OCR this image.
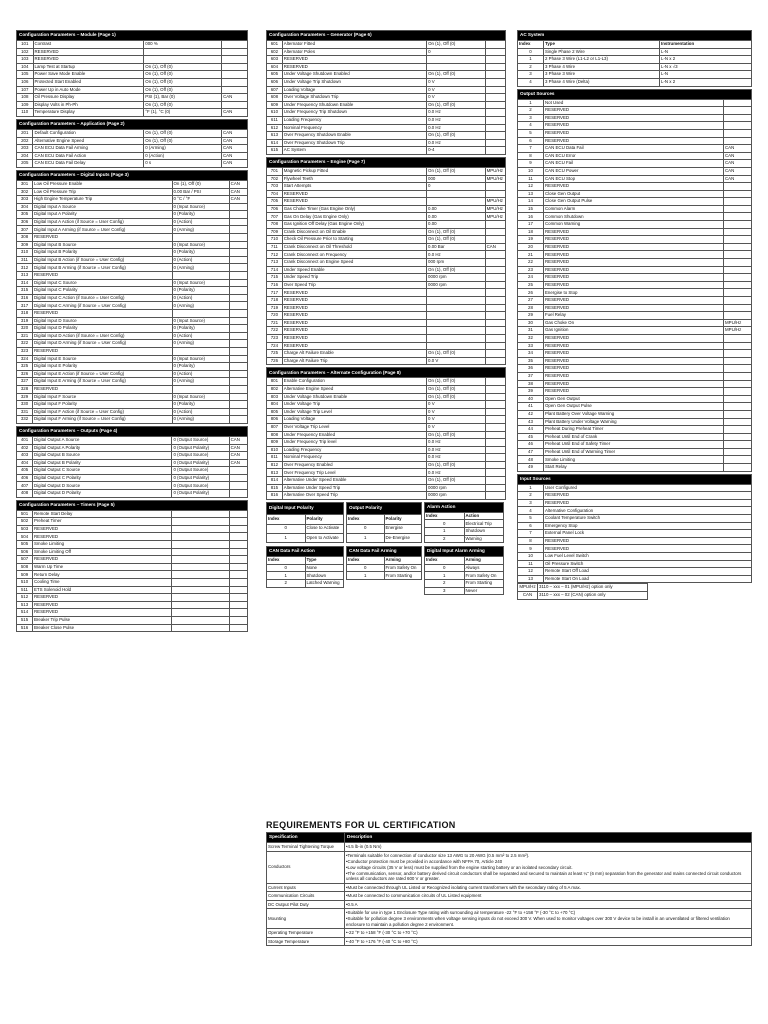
Configuration Parameters – Module (Page 1)			
101	Contrast	000 %	
102	RESERVED		
103	RESERVED		
104	Lamp Test at Startup	On (1), Off (0)	
105	Power Save Mode Enable	On (1), Off (0)	
106	Protected Start Enabled	On (1), Off (0)	
107	Power Up in Auto Mode	On (1), Off (0)	
108	Oil Pressure Display	PSI (1), Bar (0)	CAN
109	Display Volts in Ph-Ph	On (1), Off (0)	
110	Temperature Display	°F (1), °C (0)	CAN
Configuration Parameters – Application (Page 2)			
201	Default Configuration	On (1), Off (0)	CAN
202	Alternative Engine Speed	On (1), Off (0)	CAN
203	CAN ECU Data Fail Arming	0 (Arming)	CAN
204	CAN ECU Data Fail Action	0 (Action)	CAN
205	CAN ECU Data Fail Delay	0 s	CAN
Configuration Parameters – Digital Inputs (Page 3)			
301	Low Oil Pressure Enable	On (1), Off (0)	CAN
302	Low Oil Pressure Trip	0.00 Bar / PSI	CAN
303	High Engine Temperature Trip	0 °C / °F	CAN
304	Digital Input A Source	0 (Input Source)	
305	Digital Input A Polarity	0 (Polarity)	
306	Digital Input A Action (if Source = User Config)	0 (Action)	
307	Digital Input A Arming (if Source = User Config)	0 (Arming)	
308	RESERVED		
309	Digital Input B Source	0 (Input Source)	
310	Digital Input B Polarity	0 (Polarity)	
311	Digital Input B Action (if Source = User Config)	0 (Action)	
312	Digital Input B Arming (if Source = User Config)	0 (Arming)	
313	RESERVED		
314	Digital Input C Source	0 (Input Source)	
315	Digital Input C Polarity	0 (Polarity)	
316	Digital Input C Action (if Source = User Config)	0 (Action)	
317	Digital Input C Arming (if Source = User Config)	0 (Arming)	
318	RESERVED		
319	Digital Input D Source	0 (Input Source)	
320	Digital Input D Polarity	0 (Polarity)	
321	Digital Input D Action (if Source = User Config)	0 (Action)	
322	Digital Input D Arming (if Source = User Config)	0 (Arming)	
323	RESERVED		
324	Digital Input E Source	0 (Input Source)	
325	Digital Input E Polarity	0 (Polarity)	
326	Digital Input E Action (if Source = User Config)	0 (Action)	
327	Digital Input E Arming (if Source = User Config)	0 (Arming)	
328	RESERVED		
329	Digital Input F Source	0 (Input Source)	
330	Digital Input F Polarity	0 (Polarity)	
331	Digital Input F Action (if Source = User Config)	0 (Action)	
332	Digital Input F Arming (if Source = User Config)	0 (Arming)	
Configuration Parameters – Outputs (Page 4)			
401	Digital Output A Source	0 (Output Source)	CAN
402	Digital Output A Polarity	0 (Output Polarity)	CAN
403	Digital Output B Source	0 (Output Source)	CAN
404	Digital Output B Polarity	0 (Output Polarity)	CAN
405	Digital Output C Source	0 (Output Source)	
406	Digital Output C Polarity	0 (Output Polarity)	
407	Digital Output D Source	0 (Output Source)	
408	Digital Output D Polarity	0 (Output Polarity)	
Configuration Parameters – Timers (Page 5)			
501	Remote Start Delay		
502	Preheat Timer		
503	RESERVED		
504	RESERVED		
505	Smoke Limiting		
506	Smoke Limiting Off		
507	RESERVED		
508	Warm Up Time		
509	Return Delay		
510	Cooling Time		
511	ETS Solenoid Hold		
512	RESERVED		
513	RESERVED		
514	RESERVED		
515	Breaker Trip Pulse		
516	Breaker Close Pulse		
Configuration Parameters – Generator (Page 6)			
601	Alternator Fitted	On (1), Off (0)	
602	Alternator Poles	0	
603	RESERVED		
604	RESERVED		
605	Under Voltage Shutdown Enabled	On (1), Off (0)	
606	Under Voltage Trip Shutdown	0 V	
607	Loading Voltage	0 V	
608	Over Voltage Shutdown Trip	0 V	
609	Under Frequency Shutdown Enable	On (1), Off (0)	
610	Under Frequency Trip Shutdown	0.0 Hz	
611	Loading Frequency	0.0 Hz	
612	Nominal Frequency	0.0 Hz	
613	Over Frequency Shutdown Enable	On (1), Off (0)	
614	Over Frequency Shutdown Trip	0.0 Hz	
615	AC System	0-4	
Configuration Parameters – Engine (Page 7)			
701	Magnetic Pickup Fitted	On (1), Off (0)	MPU/Hz
702	Flywheel Teeth	000	MPU/Hz
703	Start Attempts	0	
704	RESERVED		
705	RESERVED		MPU/Hz
706	Gas Choke Timer (Gas Engine Only)	0.00	MPU/Hz
707	Gas On Delay (Gas Engine Only)	0.00	MPU/Hz
708	Gas Ignition Off Delay (Gas Engine Only)	0.00	
709	Crank Disconnect on Oil Enable	On (1), Off (0)	
710	Check Oil Pressure Prior to Starting	On (1), Off (0)	
711	Crank Disconnect on Oil Threshold	0.00 Bar	CAN
712	Crank Disconnect on Frequency	0.0 Hz	
713	Crank Disconnect on Engine Speed	000 rpm	
714	Under Speed Enable	On (1), Off (0)	
715	Under Speed Trip	0000 rpm	
716	Over Speed Trip	0000 rpm	
717	RESERVED		
718	RESERVED		
719	RESERVED		
720	RESERVED		
721	RESERVED		
722	RESERVED		
723	RESERVED		
724	RESERVED		
725	Charge Alt Failure Enable	On (1), Off (0)	
726	Charge Alt Failure Trip	0.0 V	
Configuration Parameters – Alternate Configuration (Page 8)			
801	Enable Configuration	On (1), Off (0)	
802	Alternative Engine Speed	On (1), Off (0)	
803	Under Voltage Shutdown Enable	On (1), Off (0)	
804	Under Voltage Trip	0 V	
805	Under Voltage Trip Level	0 V	
806	Loading Voltage	0 V	
807	Over Voltage Trip Level	0 V	
808	Under Frequency Enabled	On (1), Off (0)	
809	Under Frequency Trip level	0.0 Hz	
810	Loading Frequency	0.0 Hz	
811	Nominal Frequency	0.0 Hz	
812	Over Frequency Enabled	On (1), Off (0)	
813	Over Frequency Trip Level	0.0 Hz	
814	Alternative Under Speed Enable	On (1), Off (0)	
815	Alternative Under Speed Trip	0000 rpm	
816	Alternative Over Speed Trip	0000 rpm	
Digital Input Polarity	
Index	Polarity
0	Close to Activate
1	Open to Activate
Output Polarity	
Index	Polarity
0	Energise
1	De-Energise
Alarm Action	
Index	Action
0	Electrical Trip
1	Shutdown
2	Warning
CAN Data Fail Action	
Index	Type
0	None
1	Shutdown
2	Latched Warning
CAN Data Fail Arming	
Index	Arming
0	From Safety On
1	From Starting
Digital Input Alarm Arming	
Index	Arming
0	Always
1	From Safety On
2	From Starting
3	Never
AC System		
Index	Type	Instrumentation
0	Single Phase 2 Wire	L-N
1	2 Phase 3 Wire (L1-L2 or L1-L3)	L-N x 2
2	3 Phase 4 Wire	L-N x √3
3	3 Phase 3 Wire	L-N
4	3 Phase 4 Wire (Delta)	L-N x 2
Output Sources		
1	Not Used	
2	RESERVED	
3	RESERVED	
4	RESERVED	
5	RESERVED	
6	RESERVED	
7	CAN ECU Data Fail	CAN
8	CAN ECU Error	CAN
9	CAN ECU Fail	CAN
10	CAN ECU Power	CAN
11	CAN ECU Stop	CAN
12	RESERVED	
13	Close Gen Output	
14	Close Gen Output Pulse	
15	Common Alarm	
16	Common Shutdown	
17	Common Warning	
18	RESERVED	
19	RESERVED	
20	RESERVED	
21	RESERVED	
22	RESERVED	
23	RESERVED	
24	RESERVED	
25	RESERVED	
26	Energise to Stop	
27	RESERVED	
28	RESERVED	
29	Fuel Relay	
30	Gas Choke On	MPU/Hz
31	Gas Ignition	MPU/Hz
32	RESERVED	
33	RESERVED	
34	RESERVED	
35	RESERVED	
36	RESERVED	
37	RESERVED	
38	RESERVED	
39	RESERVED	
40	Open Gen Output	
41	Open Gen Output Pulse	
42	Plant Battery Over Voltage Warning	
43	Plant Battery Under Voltage Warning	
44	Preheat During Preheat Timer	
45	Preheat Until End of Crank	
46	Preheat Until End of Safety Timer	
47	Preheat Until End of Warming Timer	
48	Smoke Limiting	
49	Start Relay	
Input Sources	
1	User Configured
2	RESERVED
3	RESERVED
4	Alternative Configuration
5	Coolant Temperature Switch
6	Emergency Stop
7	External Panel Lock
8	RESERVED
9	RESERVED
10	Low Fuel Level Switch
11	Oil Pressure Switch
12	Remote Start Off Load
13	Remote Start On Load
MPU/Hz	3110 – xxx – 01 (MPU/Hz) option only
CAN	3110 – xxx – 02 (CAN) option only
REQUIREMENTS FOR UL CERTIFICATION
Specification	Description
Screw Terminal Tightening Torque	• 4.5 lb-in (0.5 Nm)

Conductors	• Terminals suitable for connection of conductor size 13 AWG to 20 AWG (0.5 mm² to 2.5 mm²).
• Conductor protection must be provided in accordance with NFPA 70, Article 240
• Low voltage circuits (35 V or less) must be supplied from the engine starting battery or an isolated secondary circuit.
• The communication, sensor, and/or battery derived circuit conductors shall be separated and secured to maintain at least ¼" (6 mm) separation from the generator and mains connected circuit conductors unless all conductors are rated 600 V or greater.

Current Inputs	• Must be connected through UL Listed or Recognized isolating current transformers with the secondary rating of 5 A max.

Communication Circuits	• Must be connected to communication circuits of UL Listed equipment

DC Output Pilot Duty	• 0.5 A

Mounting	• Suitable for use in type 1 Enclosure Type rating with surrounding air temperature -22 °F to +158 °F (-30 °C to +70 °C)
• Suitable for pollution degree 3 environments when voltage sensing inputs do not exceed 300 V. When used to monitor voltages over 300 V device to be install in an unventilated or filtered ventilation enclosure to maintain a pollution degree 2 environment.

Operating Temperature	• -22 °F to +158 °F (-30 °C to +70 °C)

Storage Temperature	• -40 °F to +176 °F (-40 °C to +80 °C)
